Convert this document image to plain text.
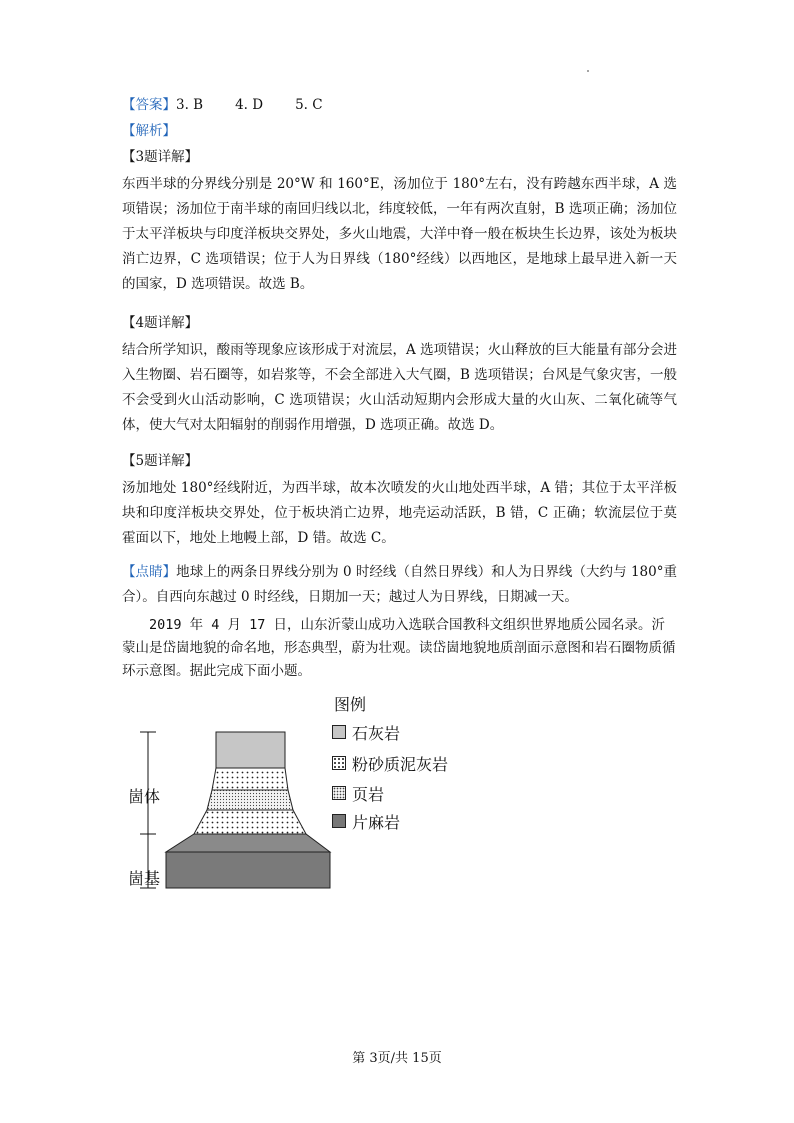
【答案】3. B 4. D 5. C
【解析】
【3题详解】
东西半球的分界线分别是 20°W 和 160°E，汤加位于 180°左右，没有跨越东西半球，A 选项错误；汤加位于南半球的南回归线以北，纬度较低，一年有两次直射，B 选项正确；汤加位于太平洋板块与印度洋板块交界处，多火山地震，大洋中脊一般在板块生长边界，该处为板块消亡边界，C 选项错误；位于人为日界线（180°经线）以西地区，是地球上最早进入新一天的国家，D 选项错误。故选 B。
【4题详解】
结合所学知识，酸雨等现象应该形成于对流层，A 选项错误；火山释放的巨大能量有部分会进入生物圈、岩石圈等，如岩浆等，不会全部进入大气圈，B 选项错误；台风是气象灾害，一般不会受到火山活动影响，C 选项错误；火山活动短期内会形成大量的火山灰、二氧化硫等气体，使大气对太阳辐射的削弱作用增强，D 选项正确。故选 D。
【5题详解】
汤加地处 180°经线附近，为西半球，故本次喷发的火山地处西半球，A 错；其位于太平洋板块和印度洋板块交界处，位于板块消亡边界，地壳运动活跃，B 错，C 正确；软流层位于莫霍面以下，地处上地幔上部，D 错。故选 C。
【点睛】地球上的两条日界线分别为 0 时经线（自然日界线）和人为日界线（大约与 180°重合）。自西向东越过 0 时经线，日期加一天；越过人为日界线，日期减一天。
2019 年 4 月 17 日，山东沂蒙山成功入选联合国教科文组织世界地质公园名录。沂蒙山是岱崮地貌的命名地，形态典型，蔚为壮观。读岱崮地貌地质剖面示意图和岩石圈物质循环示意图。据此完成下面小题。
崮体
崮基
图例
石灰岩
粉砂质泥灰岩
页岩
片麻岩
第 3页/共 15页
